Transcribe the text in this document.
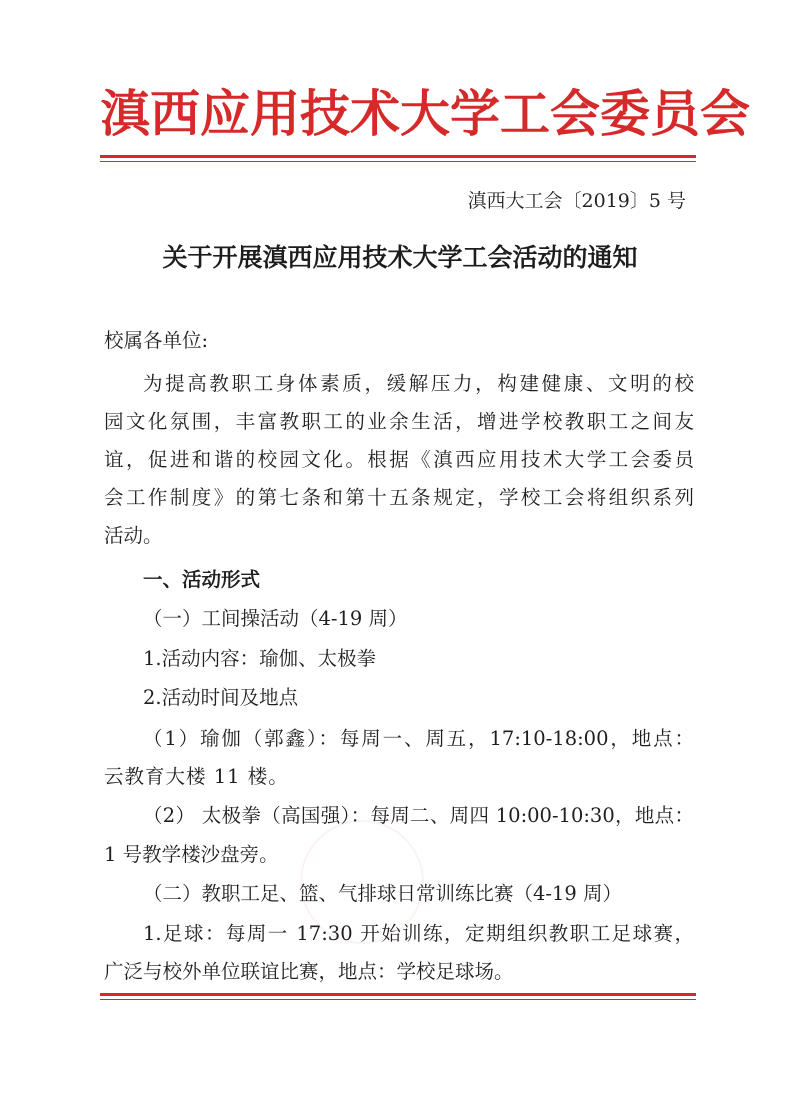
滇西应用技术大学工会委员会
滇西大工会〔2019〕5 号
关于开展滇西应用技术大学工会活动的通知
校属各单位:
为提高教职工身体素质，缓解压力，构建健康、文明的校
园文化氛围，丰富教职工的业余生活，增进学校教职工之间友
谊，促进和谐的校园文化。根据《滇西应用技术大学工会委员
会工作制度》的第七条和第十五条规定，学校工会将组织系列
活动。
一、活动形式
（一）工间操活动（4-19 周）
1.活动内容：瑜伽、太极拳
2.活动时间及地点
（1）瑜伽（郭鑫）：每周一、周五，17:10-18:00，地点：
云教育大楼 11 楼。
（2） 太极拳（高国强）：每周二、周四 10:00-10:30，地点：
1 号教学楼沙盘旁。
（二）教职工足、篮、气排球日常训练比赛（4-19 周）
1.足球：每周一 17:30 开始训练，定期组织教职工足球赛，
广泛与校外单位联谊比赛，地点：学校足球场。
